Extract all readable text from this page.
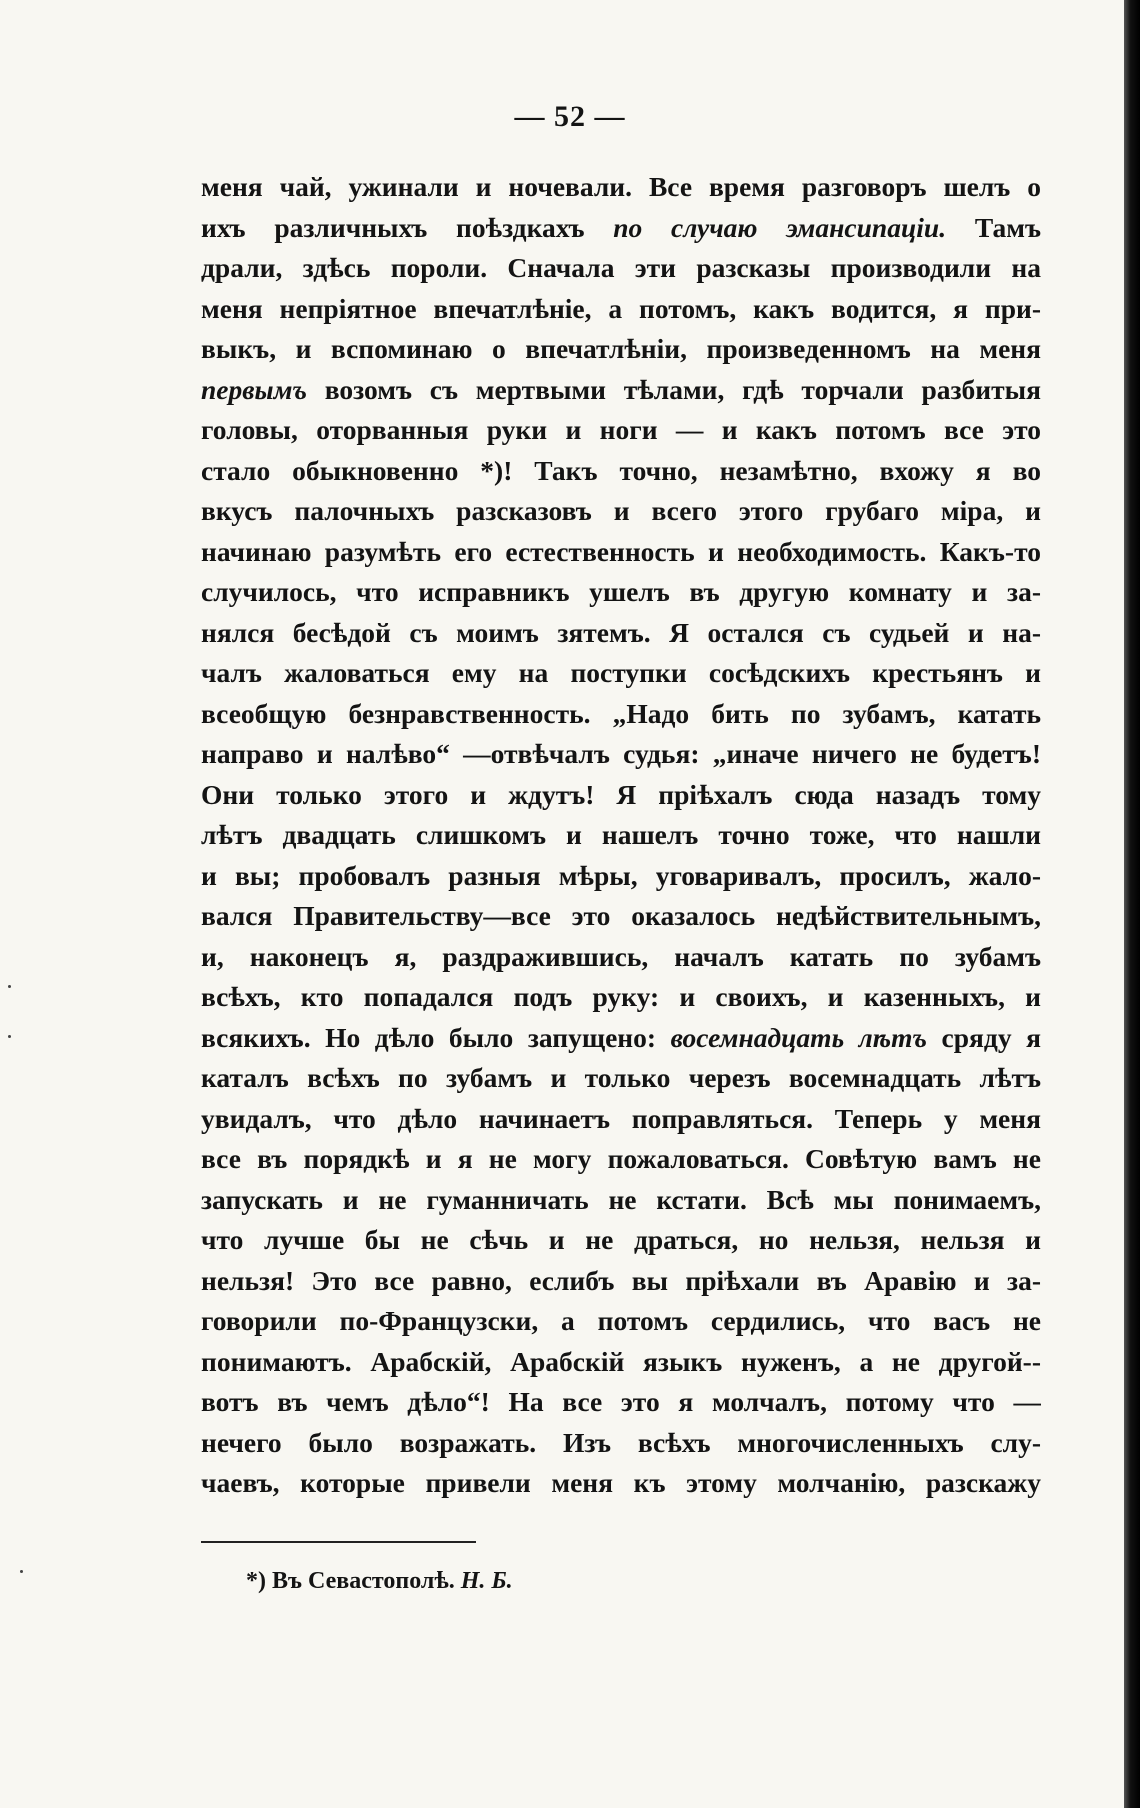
— 52 —
меня чай, ужинали и ночевали. Все время разговоръ шелъ о
ихъ различныхъ поѣздкахъ по случаю эмансипаціи. Тамъ
драли, здѣсь пороли. Сначала эти разсказы производили на
меня непріятное впечатлѣніе, а потомъ, какъ водится, я при-
выкъ, и вспоминаю о впечатлѣніи, произведенномъ на меня
первымъ возомъ съ мертвыми тѣлами, гдѣ торчали разбитыя
головы, оторванныя руки и ноги — и какъ потомъ все это
стало обыкновенно *)! Такъ точно, незамѣтно, вхожу я во
вкусъ палочныхъ разсказовъ и всего этого грубаго міра, и
начинаю разумѣть его естественность и необходимость. Какъ-то
случилось, что исправникъ ушелъ въ другую комнату и за-
нялся бесѣдой съ моимъ зятемъ. Я остался съ судьей и на-
чалъ жаловаться ему на поступки сосѣдскихъ крестьянъ и
всеобщую безнравственность. „Надо бить по зубамъ, катать
направо и налѣво“ —отвѣчалъ судья: „иначе ничего не будетъ!
Они только этого и ждутъ! Я пріѣхалъ сюда назадъ тому
лѣтъ двадцать слишкомъ и нашелъ точно тоже, что нашли
и вы; пробовалъ разныя мѣры, уговаривалъ, просилъ, жало-
вался Правительству—все это оказалось недѣйствительнымъ,
и, наконецъ я, раздражившись, началъ катать по зубамъ
всѣхъ, кто попадался подъ руку: и своихъ, и казенныхъ, и
всякихъ. Но дѣло было запущено: восемнадцать лѣтъ сряду я
каталъ всѣхъ по зубамъ и только черезъ восемнадцать лѣтъ
увидалъ, что дѣло начинаетъ поправляться. Теперь у меня
все въ порядкѣ и я не могу пожаловаться. Совѣтую вамъ не
запускать и не гуманничать не кстати. Всѣ мы понимаемъ,
что лучше бы не сѣчь и не драться, но нельзя, нельзя и
нельзя! Это все равно, еслибъ вы пріѣхали въ Аравію и за-
говорили по-Французски, а потомъ сердились, что васъ не
понимаютъ. Арабскій, Арабскій языкъ нуженъ, а не другой--
вотъ въ чемъ дѣло“! На все это я молчалъ, потому что —
нечего было возражать. Изъ всѣхъ многочисленныхъ слу-
чаевъ, которые привели меня къ этому молчанію, разскажу
*) Въ Севастополѣ. Н. Б.
